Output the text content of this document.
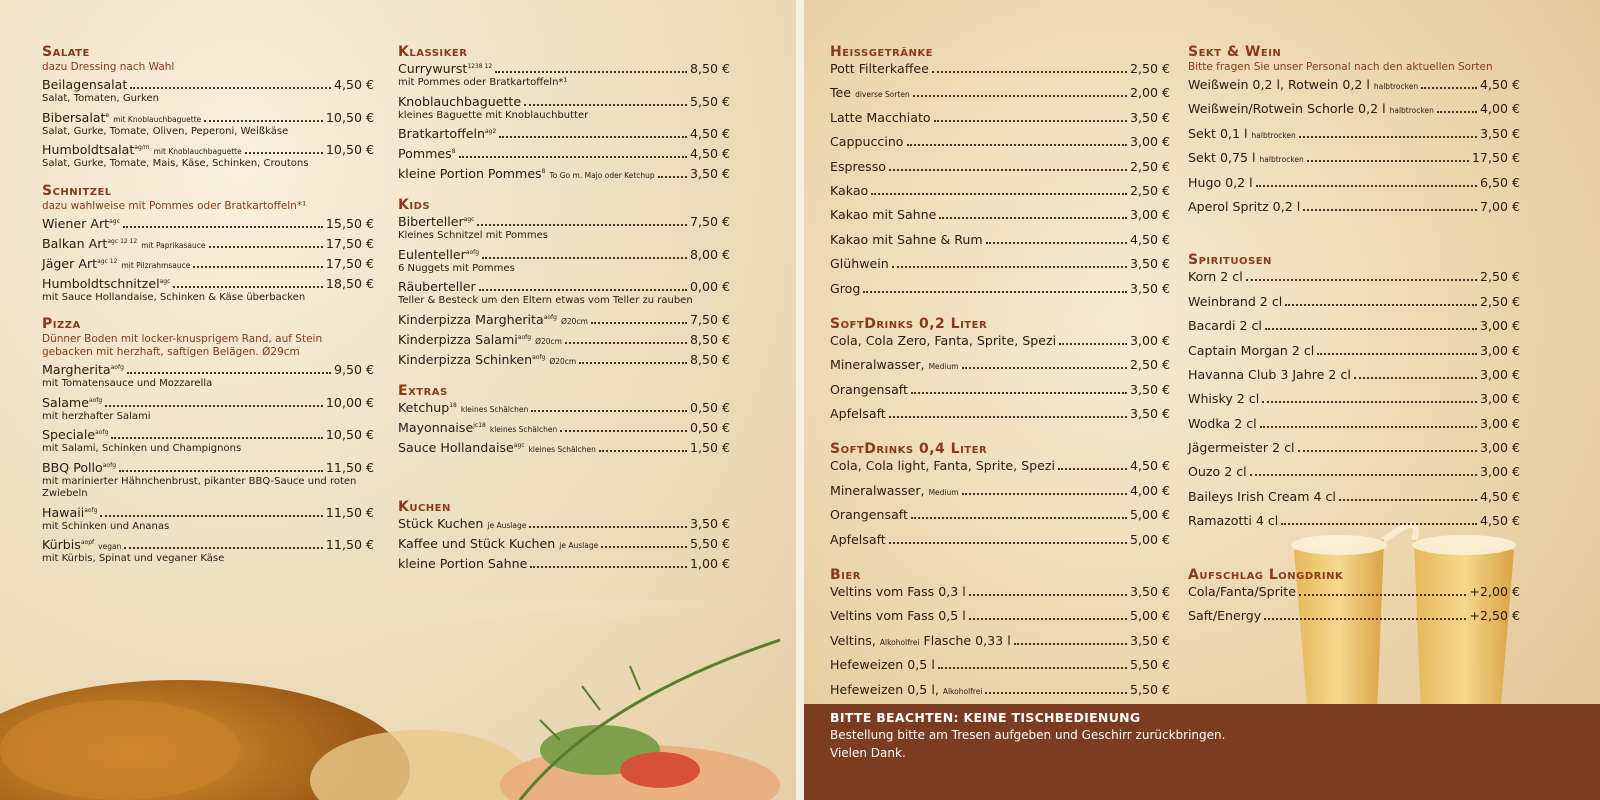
Salate
dazu Dressing nach Wahl
Beilagensalat	4,50 €
Salat, Tomaten, Gurken
Bibersalat$^e$ mit Knoblauchbaguette	10,50 €
Salat, Gurke, Tomate, Oliven, Peperoni, Weißkäse
Humboldtsalat$^{ag/m}$ mit Knoblauchbaguette	10,50 €
Salat, Gurke, Tomate, Mais, Käse, Schinken, Croutons
Schnitzel
dazu wahlweise mit Pommes oder Bratkartoffeln*¹
Wiener Art$^{agc}$	15,50 €
Balkan Art$^{agc 12 12}$ mit Paprikasauce	17,50 €
Jäger Art$^{agc 12}$ mit Pilzrahmsauce	17,50 €
Humboldtschnitzel$^{agc}$	18,50 €
mit Sauce Hollandaise, Schinken & Käse überbacken
Pizza
Dünner Boden mit locker-knusprigem Rand, auf Stein gebacken mit herzhaft, saftigen Belägen. Ø29cm
Margherita$^{aofg}$	9,50 €
mit Tomatensauce und Mozzarella
Salame$^{aofg}$	10,00 €
mit herzhafter Salami
Speciale$^{aofg}$	10,50 €
mit Salami, Schinken und Champignons
BBQ Pollo$^{aofg}$	11,50 €
mit marinierter Hähnchenbrust, pikanter BBQ-Sauce und roten Zwiebeln
Hawaii$^{aofg}$	11,50 €
mit Schinken und Ananas
Kürbis$^{aopf}$ vegan	11,50 €
mit Kürbis, Spinat und veganer Käse
Klassiker
Currywurst$^{1238 12}$	8,50 €
mit Pommes oder Bratkartoffeln*¹
Knoblauchbaguette	5,50 €
kleines Baguette mit Knoblauchbutter
Bratkartoffeln$^{ag2}$	4,50 €
Pommes$^8$	4,50 €
kleine Portion Pommes$^8$ To Go m. Majo oder Ketchup	3,50 €
Kids
Biberteller$^{agc}$	7,50 €
Kleines Schnitzel mit Pommes
Eulenteller$^{aofg}$	8,00 €
6 Nuggets mit Pommes
Räuberteller	0,00 €
Teller & Besteck um den Eltern etwas vom Teller zu rauben
Kinderpizza Margherita$^{aofg}$ Ø20cm	7,50 €
Kinderpizza Salami$^{aofg}$ Ø20cm	8,50 €
Kinderpizza Schinken$^{aofg}$ Ø20cm	8,50 €
Extras
Ketchup$^{18}$ kleines Schälchen	0,50 €
Mayonnaise$^{jc18}$ kleines Schälchen	0,50 €
Sauce Hollandaise$^{agc}$ kleines Schälchen	1,50 €
Kuchen
Stück Kuchen je Auslage	3,50 €
Kaffee und Stück Kuchen je Auslage	5,50 €
kleine Portion Sahne	1,00 €
Heissgetränke
Pott Filterkaffee	2,50 €
Tee diverse Sorten	2,00 €
Latte Macchiato	3,50 €
Cappuccino	3,00 €
Espresso	2,50 €
Kakao	2,50 €
Kakao mit Sahne	3,00 €
Kakao mit Sahne & Rum	4,50 €
Glühwein	3,50 €
Grog	3,50 €
SoftDrinks 0,2 Liter
Cola, Cola Zero, Fanta, Sprite, Spezi	3,00 €
Mineralwasser, Medium	2,50 €
Orangensaft	3,50 €
Apfelsaft	3,50 €
SoftDrinks 0,4 Liter
Cola, Cola light, Fanta, Sprite, Spezi	4,50 €
Mineralwasser, Medium	4,00 €
Orangensaft	5,00 €
Apfelsaft	5,00 €
Bier
Veltins vom Fass 0,3 l	3,50 €
Veltins vom Fass 0,5 l	5,00 €
Veltins, Alkoholfrei Flasche 0,33 l	3,50 €
Hefeweizen 0,5 l	5,50 €
Hefeweizen 0,5 l, Alkoholfrei	5,50 €
Sekt & Wein
Bitte fragen Sie unser Personal nach den aktuellen Sorten
Weißwein 0,2 l, Rotwein 0,2 l halbtrocken	4,50 €
Weißwein/Rotwein Schorle 0,2 l halbtrocken	4,00 €
Sekt 0,1 l halbtrocken	3,50 €
Sekt 0,75 l halbtrocken	17,50 €
Hugo 0,2 l	6,50 €
Aperol Spritz 0,2 l	7,00 €
Spirituosen
Korn 2 cl	2,50 €
Weinbrand 2 cl	2,50 €
Bacardi 2 cl	3,00 €
Captain Morgan 2 cl	3,00 €
Havanna Club 3 Jahre 2 cl	3,00 €
Whisky 2 cl	3,00 €
Wodka 2 cl	3,00 €
Jägermeister 2 cl	3,00 €
Ouzo 2 cl	3,00 €
Baileys Irish Cream 4 cl	4,50 €
Ramazotti 4 cl	4,50 €
Aufschlag Longdrink
Cola/Fanta/Sprite	+2,00 €
Saft/Energy	+2,50 €
BITTE BEACHTEN: KEINE TISCHBEDIENUNG
Bestellung bitte am Tresen aufgeben und Geschirr zurückbringen.
Vielen Dank.
